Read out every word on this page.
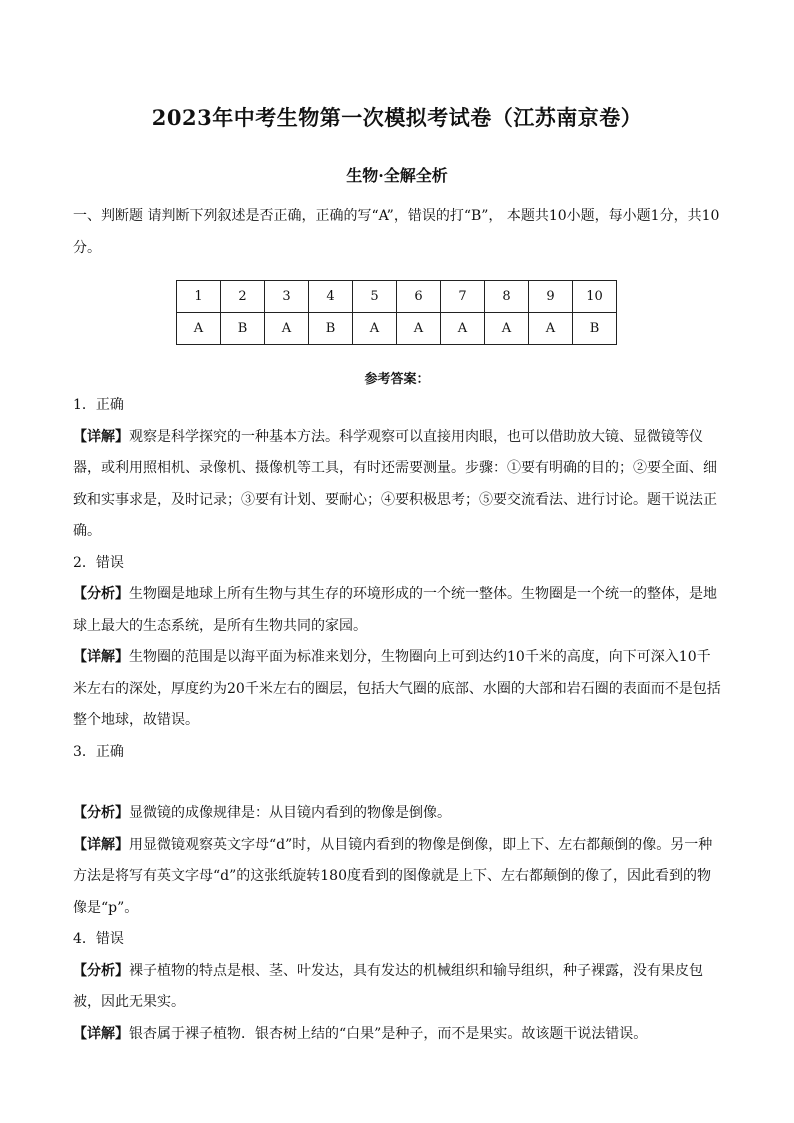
2023年中考生物第一次模拟考试卷（江苏南京卷）
生物·全解全析
一、判断题 请判断下列叙述是否正确，正确的写“A”，错误的打“B”， 本题共10小题，每小题1分，共10分。
1	2	3	4	5	6	7	8	9	10
A	B	A	B	A	A	A	A	A	B
参考答案：

1．正确

【详解】观察是科学探究的一种基本方法。科学观察可以直接用肉眼，也可以借助放大镜、显微镜等仪器，或利用照相机、录像机、摄像机等工具，有时还需要测量。步骤：①要有明确的目的；②要全面、细致和实事求是，及时记录；③要有计划、要耐心；④要积极思考；⑤要交流看法、进行讨论。题干说法正确。

2．错误

【分析】生物圈是地球上所有生物与其生存的环境形成的一个统一整体。生物圈是一个统一的整体，是地球上最大的生态系统，是所有生物共同的家园。

【详解】生物圈的范围是以海平面为标准来划分，生物圈向上可到达约10千米的高度，向下可深入10千米左右的深处，厚度约为20千米左右的圈层，包括大气圈的底部、水圈的大部和岩石圈的表面而不是包括整个地球，故错误。

3．正确

【分析】显微镜的成像规律是：从目镜内看到的物像是倒像。

【详解】用显微镜观察英文字母“d”时，从目镜内看到的物像是倒像，即上下、左右都颠倒的像。另一种方法是将写有英文字母“d”的这张纸旋转180度看到的图像就是上下、左右都颠倒的像了，因此看到的物像是“p”。

4．错误

【分析】裸子植物的特点是根、茎、叶发达，具有发达的机械组织和输导组织，种子裸露，没有果皮包被，因此无果实。

【详解】银杏属于裸子植物．银杏树上结的“白果”是种子，而不是果实。故该题干说法错误。
